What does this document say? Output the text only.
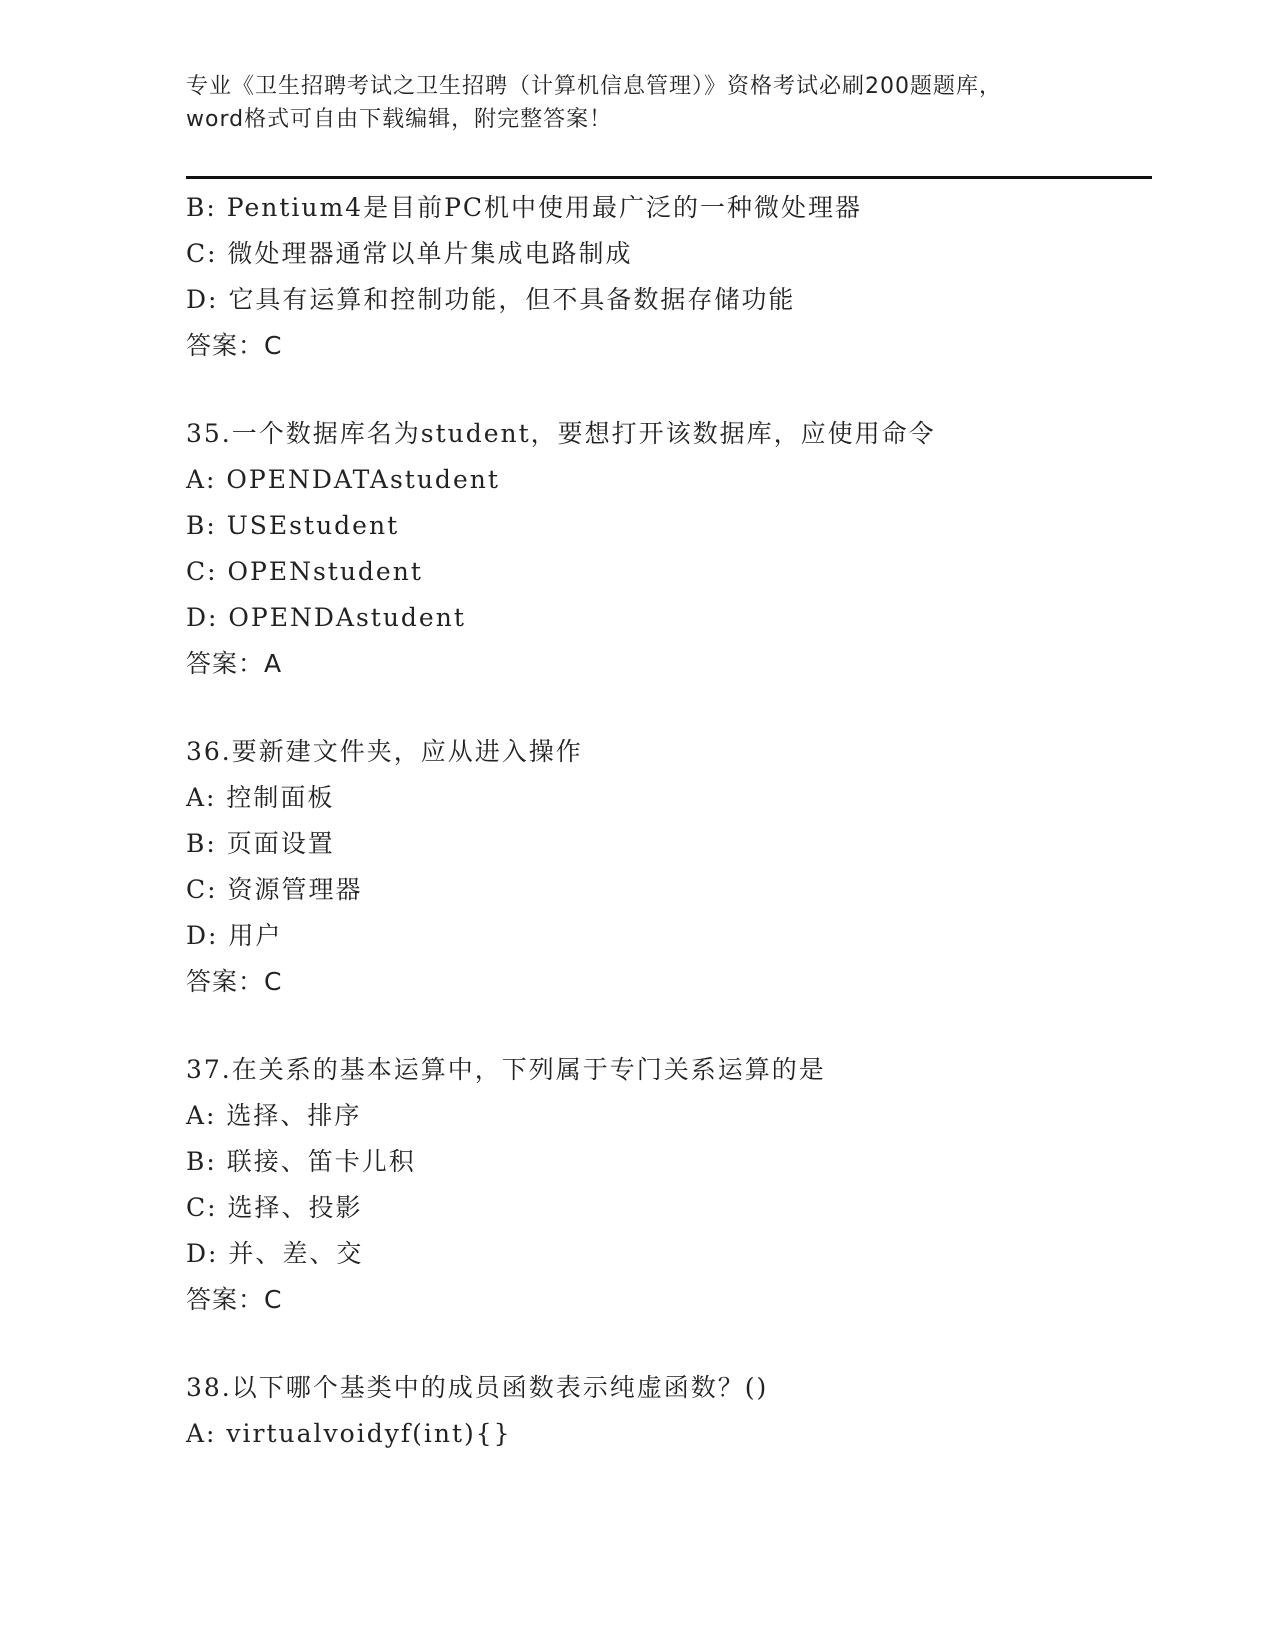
专业《卫生招聘考试之卫生招聘（计算机信息管理）》资格考试必刷200题题库，
word格式可自由下载编辑，附完整答案！
B: Pentium4是目前PC机中使用最广泛的一种微处理器
C: 微处理器通常以单片集成电路制成
D: 它具有运算和控制功能，但不具备数据存储功能
答案：C
35.一个数据库名为student，要想打开该数据库，应使用命令
A: OPENDATAstudent
B: USEstudent
C: OPENstudent
D: OPENDAstudent
答案：A
36.要新建文件夹，应从进入操作
A: 控制面板
B: 页面设置
C: 资源管理器
D: 用户
答案：C
37.在关系的基本运算中，下列属于专门关系运算的是
A: 选择、排序
B: 联接、笛卡儿积
C: 选择、投影
D: 并、差、交
答案：C
38.以下哪个基类中的成员函数表示纯虚函数？()
A: virtualvoidyf(int){}
